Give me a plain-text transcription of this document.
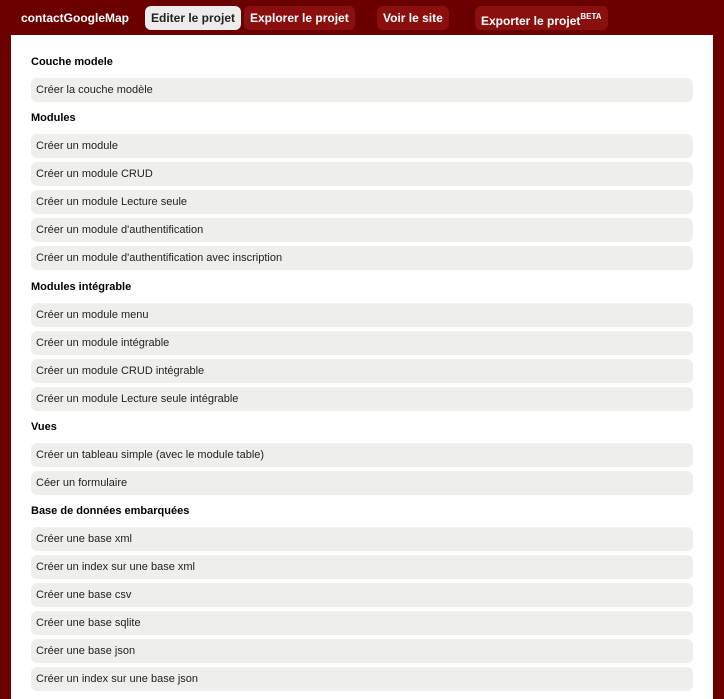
contactGoogleMap	Editer le projet	Explorer le projet	Voir le site	Exporter le projet$^{BETA}$
Couche modele
Créer la couche modèle
Modules
Créer un module
Créer un module CRUD
Créer un module Lecture seule
Créer un module d'authentification
Créer un module d'authentification avec inscription
Modules intégrable
Créer un module menu
Créer un module intégrable
Créer un module CRUD intégrable
Créer un module Lecture seule intégrable
Vues
Créer un tableau simple (avec le module table)
Céer un formulaire
Base de données embarquées
Créer une base xml
Créer un index sur une base xml
Créer une base csv
Créer une base sqlite
Créer une base json
Créer un index sur une base json
